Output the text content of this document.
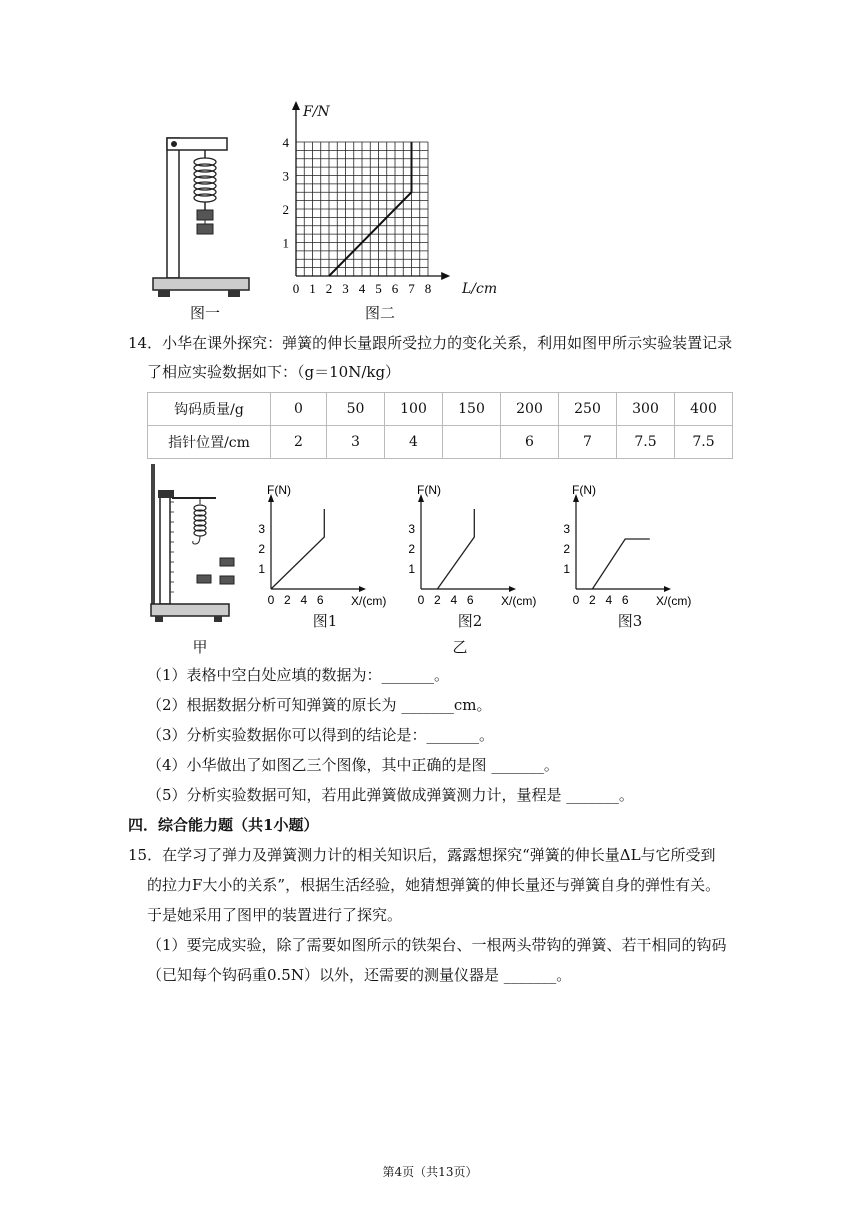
图一
0 1 2 3 4 5 6 7 8
1
2
3
4
L/cm
F/N
图二
14．小华在课外探究：弹簧的伸长量跟所受拉力的变化关系，利用如图甲所示实验装置记录
了相应实验数据如下：（g＝10N/kg）
钩码质量/g	0	50	100	150	200	250	300	400
指针位置/cm	2	3	4		6	7	7.5	7.5
甲
F(N)
X/(cm)
0 2 4 6
1
2
3
F(N)
X/(cm)
0 2 4 6
1
2
3
F(N)
X/(cm)
0 2 4 6
1
2
3
图1	图2	图3
乙
（1）表格中空白处应填的数据为：_______。
（2）根据数据分析可知弹簧的原长为 _______cm。
（3）分析实验数据你可以得到的结论是：_______。
（4）小华做出了如图乙三个图像，其中正确的是图 _______。
（5）分析实验数据可知，若用此弹簧做成弹簧测力计，量程是 _______。
四．综合能力题（共1小题）
15．在学习了弹力及弹簧测力计的相关知识后，露露想探究“弹簧的伸长量ΔL与它所受到
的拉力F大小的关系”，根据生活经验，她猜想弹簧的伸长量还与弹簧自身的弹性有关。
于是她采用了图甲的装置进行了探究。
（1）要完成实验，除了需要如图所示的铁架台、一根两头带钩的弹簧、若干相同的钩码
（已知每个钩码重0.5N）以外，还需要的测量仪器是 _______。
第4页（共13页）
